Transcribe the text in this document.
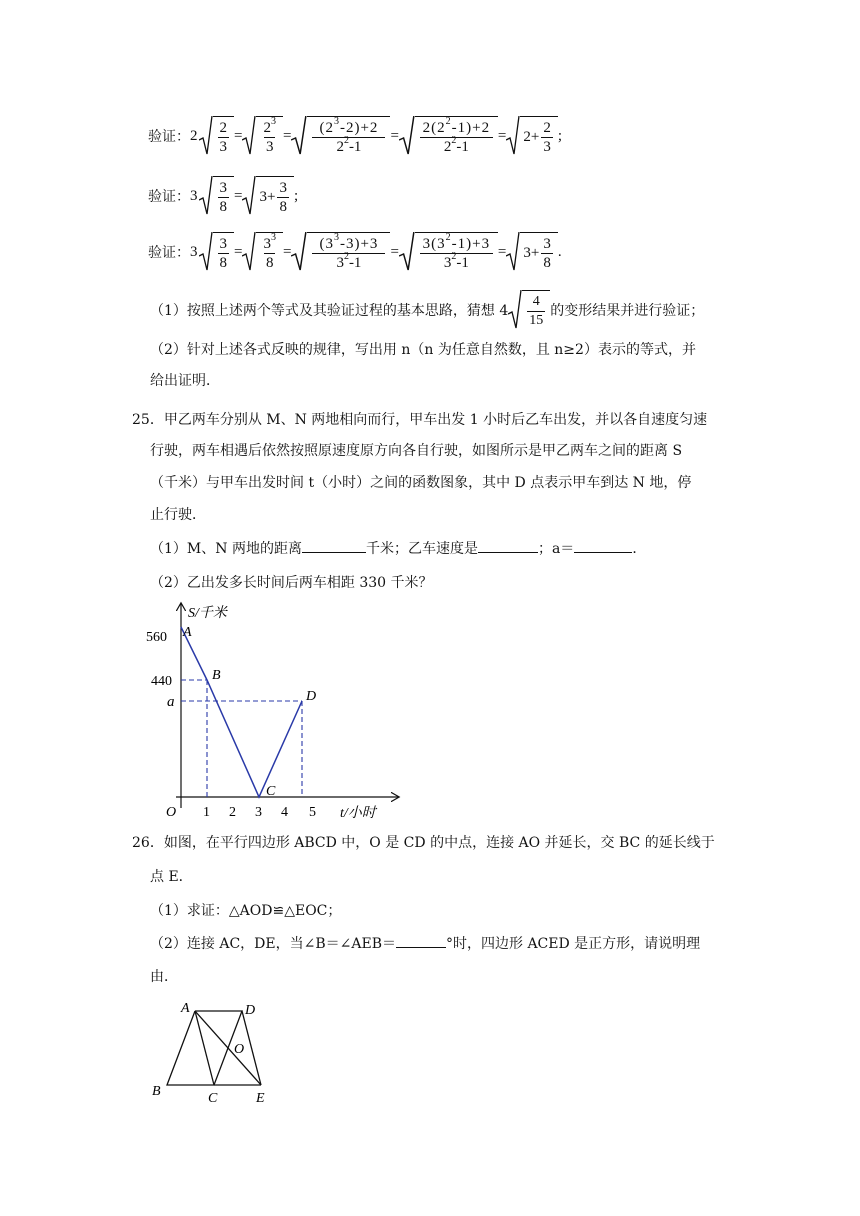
验证： $2 \frac{2}{3} = \frac{2^3}{3} = \frac{(2^3-2)+2}{2^2-1} = \frac{2(2^2-1)+2}{2^2-1} = 2+ \frac{2}{3}$ ;
验证： $3 \frac{3}{8} = 3+ \frac{3}{8}$ ;
验证： $3 \frac{3}{8} = \frac{3^3}{8} = \frac{(3^3-3)+3}{3^2-1} = \frac{3(3^2-1)+3}{3^2-1} = 3+ \frac{3}{8}$ .
（1）按照上述两个等式及其验证过程的基本思路，猜想 $4 \frac{4}{15}$ 的变形结果并进行验证；
（2）针对上述各式反映的规律，写出用 n（n 为任意自然数，且 n≥2）表示的等式，并
给出证明．
25．甲乙两车分别从 M、N 两地相向而行，甲车出发 1 小时后乙车出发，并以各自速度匀速
行驶，两车相遇后依然按照原速度原方向各自行驶，如图所示是甲乙两车之间的距离 S
（千米）与甲车出发时间 t（小时）之间的函数图象，其中 D 点表示甲车到达 N 地，停
止行驶．
（1）M、N 两地的距离	千米；乙车速度是	；a＝	．
（2）乙出发多长时间后两车相距 330 千米？
S/千米
t/小时
O
560
440
a
1 2 3 4 5
A
B
C
D
26．如图，在平行四边形 ABCD 中，O 是 CD 的中点，连接 AO 并延长，交 BC 的延长线于
点 E．
（1）求证：△AOD≌△EOC；
（2）连接 AC，DE，当∠B＝∠AEB＝	°时，四边形 ACED 是正方形，请说明理
由．
A	D
O
B	C	E
